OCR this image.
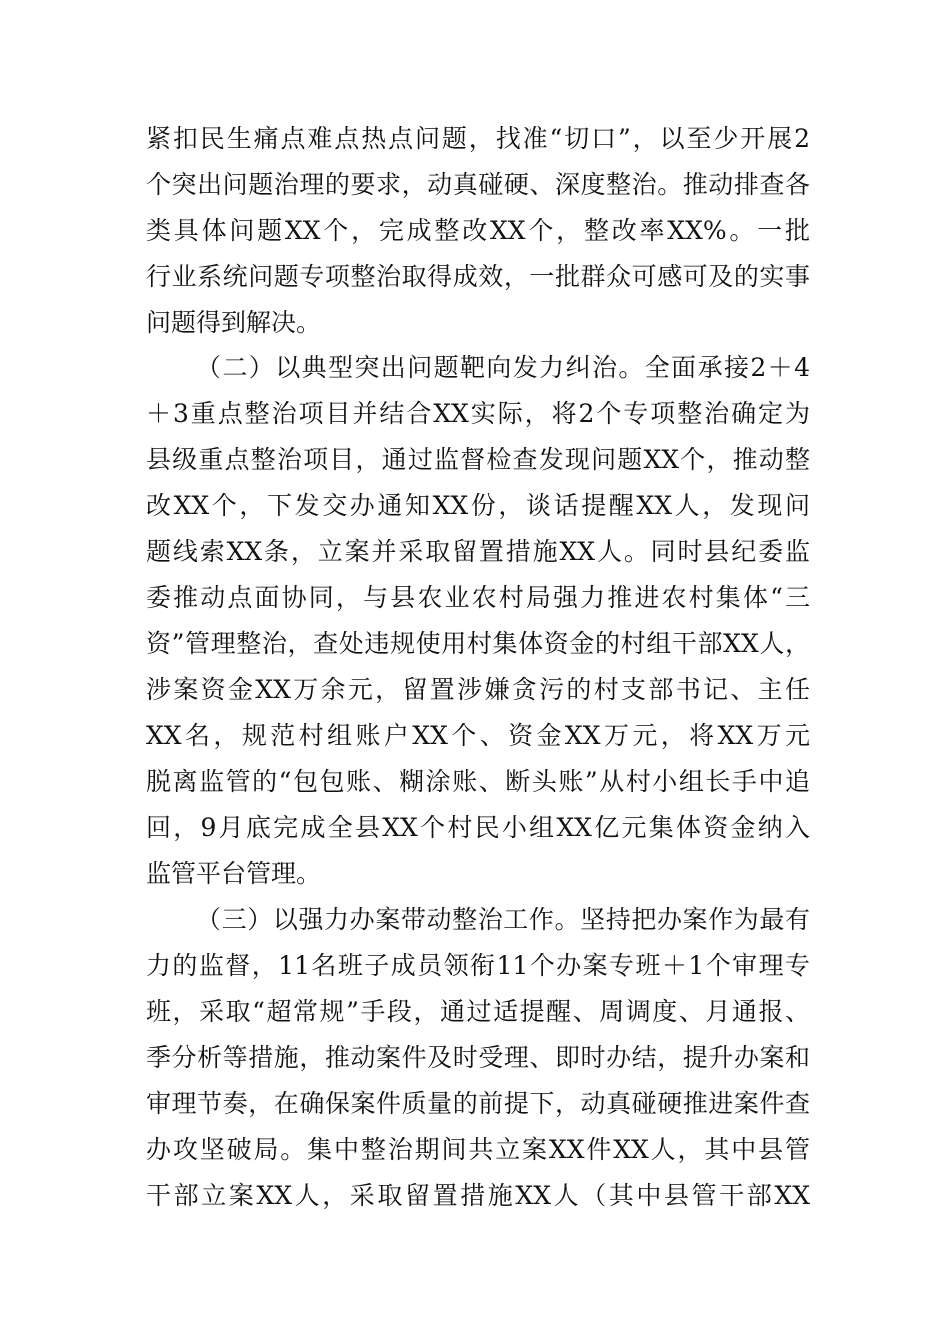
紧扣民生痛点难点热点问题，找准“切口”，以至少开展2
个突出问题治理的要求，动真碰硬、深度整治。推动排查各
类具体问题XX个，完成整改XX个，整改率XX%。一批
行业系统问题专项整治取得成效，一批群众可感可及的实事
问题得到解决。
（二）以典型突出问题靶向发力纠治。全面承接2＋4
＋3重点整治项目并结合XX实际，将2个专项整治确定为
县级重点整治项目，通过监督检查发现问题XX个，推动整
改XX个，下发交办通知XX份，谈话提醒XX人，发现问
题线索XX条，立案并采取留置措施XX人。同时县纪委监
委推动点面协同，与县农业农村局强力推进农村集体“三
资”管理整治，查处违规使用村集体资金的村组干部XX人，
涉案资金XX万余元，留置涉嫌贪污的村支部书记、主任
XX名，规范村组账户XX个、资金XX万元，将XX万元
脱离监管的“包包账、糊涂账、断头账”从村小组长手中追
回，9月底完成全县XX个村民小组XX亿元集体资金纳入
监管平台管理。
（三）以强力办案带动整治工作。坚持把办案作为最有
力的监督，11名班子成员领衔11个办案专班＋1个审理专
班，采取“超常规”手段，通过适提醒、周调度、月通报、
季分析等措施，推动案件及时受理、即时办结，提升办案和
审理节奏，在确保案件质量的前提下，动真碰硬推进案件查
办攻坚破局。集中整治期间共立案XX件XX人，其中县管
干部立案XX人，采取留置措施XX人（其中县管干部XX
